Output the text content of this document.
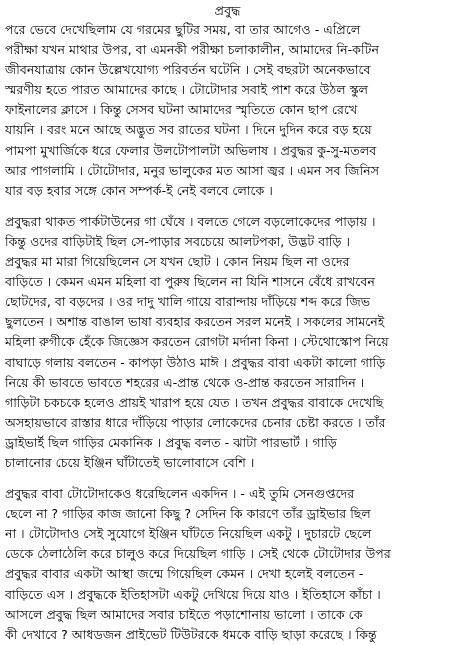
প্রবুদ্ধ
পরে ভেবে দেখেছিলাম যে গরমের ছুটির সময়, বা তার আগেও - এপ্রিলে
পরীক্ষা যখন মাথার উপর, বা এমনকী পরীক্ষা চলাকালীন, আমাদের নি-কটিন
জীবনযাত্রায় কোন উল্লেখযোগ্য পরিবর্তন ঘটেনি । সেই বছরটা অনেকভাবে
স্মরণীয় হতে পারত আমাদের কাছে । টোটোদার সবাই পাশ করে উঠল স্কুল
ফাইনালের ক্লাসে । কিন্তু সেসব ঘটনা আমাদের স্মৃতিতে কোন ছাপ রেখে
যায়নি । বরং মনে আছে অদ্ভুত সব রাতের ঘটনা । দিনে দুদিন করে বড় হয়ে
পামপা মুখার্জিকে ধরে ফেলার উলটোপালটা অভিলাষ । প্রবুদ্ধর কু-সু-মতলব
আর পাগলামি । টোটোদার, মনুর ভালুকের মত আসা জ্বর । এমন সব জিনিস
যার বড় হবার সঙ্গে কোন সম্পর্ক-ই নেই বলবে লোকে ।
প্রবুদ্ধরা থাকত পার্কটাউনের গা ঘেঁষে । বলতে গেলে বড়লোকেদের পাড়ায় ।
কিন্তু ওদের বাড়িটাই ছিল সে-পাড়ার সবচেয়ে আলটপকা, উদ্ভট বাড়ি ।
প্রবুদ্ধর মা মারা গিয়েছিলেন সে যখন ছোট । কোন নিয়ম ছিল না ওদের
বাড়িতে । কেমন এমন মহিলা বা পুরুষ ছিলেন না যিনি শাসনে বেঁধে রাখবেন
ছোটদের, বা বড়দের । ওর দাদু খালি গায়ে বারান্দায় দাঁড়িয়ে শব্দ করে জিভ
ছুলতেন । অশান্ত বাঙাল ভাষা ব্যবহার করতেন সরল মনেই । সকলের সামনেই
মহিলা রুগীকে হেঁকে জিজ্ঞেস করতেন রোগটা মর্দানা কিনা । স্টেথোস্কোপ নিয়ে
বাঘাড়ে গলায় বলতেন - কাপড়া উঠাও মাঈ । প্রবুদ্ধর বাবা একটা কালো গাড়ি
নিয়ে কী ভাবতে ভাবতে শহরের এ-প্রান্ত থেকে ও-প্রান্ত করতেন সারাদিন ।
গাড়িটা চকচকে হলেও প্রায়ই খারাপ হয়ে যেত । তখন প্রবুদ্ধর বাবাকে দেখেছি
অসহায়ভাবে রাস্তার ধারে দাঁড়িয়ে পাড়ার লোকেদের চেনার চেষ্টা করতে । তাঁর
ড্রাইভার্ই ছিল গাড়ির মেকানিক । প্রবুদ্ধ বলত - ঝাটা পারভার্ট । গাড়ি
চালানোর চেয়ে ইঞ্জিন ঘাঁটাতেই ভালোবাসে বেশি ।
প্রবুদ্ধর বাবা টোটোদাকেও ধরেছিলেন একদিন । - এই তুমি সেনগুপ্তদের
ছেলে না ? গাড়ির কাজ জানো কিছু ? সেদিন কি কারণে তাঁর ড্রাইভার ছিল
না । টোটোদাও সেই সুযোগে ইঞ্জিন ঘাঁটতে নিয়েছিল একটু । দুচারটে ছেলে
ডেকে ঠেলাঠেলি করে চালুও করে দিয়েছিল গাড়ি । সেই থেকে টোটোদার উপর
প্রবুদ্ধর বাবার একটা আস্থা জন্মে গিয়েছিল কেমন । দেখা হলেই বলতেন -
বাড়িতে এস । প্রবুদ্ধকে ইতিহাসটা একটু দেখিয়ে দিয়ে যাও । ইতিহাসে কাঁচা ।
আসলে প্রবুদ্ধ ছিল আমাদের সবার চাইতে পড়াশোনায় ভালো । তাকে কে
কী দেখাবে ? আধডজন প্রাইভেট টিউটরকে ধমকে বাড়ি ছাড়া করেছে । কিন্তু
